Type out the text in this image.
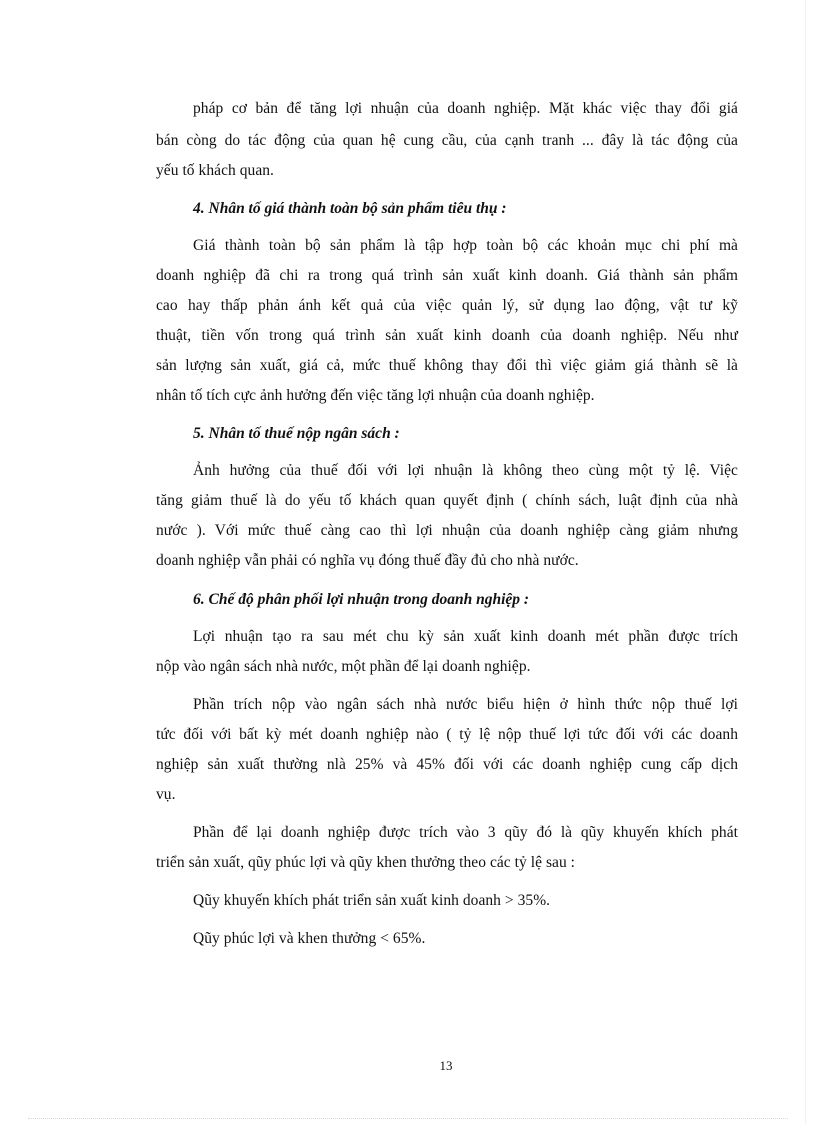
pháp cơ bản để tăng lợi nhuận của doanh nghiệp. Mặt khác việc thay đổi giá
bán còng do tác động của quan hệ cung cầu, của cạnh tranh ... đây là tác động của
yếu tố khách quan.
4. Nhân tố giá thành toàn bộ sản phẩm tiêu thụ :
Giá thành toàn bộ sản phẩm là tập hợp toàn bộ các khoản mục chi phí mà
doanh nghiệp đã chi ra trong quá trình sản xuất kinh doanh. Giá thành sản phẩm
cao hay thấp phản ánh kết quả của việc quản lý, sử dụng lao động, vật tư kỹ
thuật, tiền vốn trong quá trình sản xuất kinh doanh của doanh nghiệp. Nếu như
sản lượng sản xuất, giá cả, mức thuế không thay đổi thì việc giảm giá thành sẽ là
nhân tố tích cực ảnh hưởng đến việc tăng lợi nhuận của doanh nghiệp.
5. Nhân tố thuế nộp ngân sách :
Ảnh hưởng của thuế đối với lợi nhuận là không theo cùng một tỷ lệ. Việc
tăng giảm thuế là do yếu tố khách quan quyết định ( chính sách, luật định của nhà
nước ). Với mức thuế càng cao thì lợi nhuận của doanh nghiệp càng giảm nhưng
doanh nghiệp vẫn phải có nghĩa vụ đóng thuế đầy đủ cho nhà nước.
6. Chế độ phân phối lợi nhuận trong doanh nghiệp :
Lợi nhuận tạo ra sau mét chu kỳ sản xuất kinh doanh mét phần được trích
nộp vào ngân sách nhà nước, một phần để lại doanh nghiệp.
Phần trích nộp vào ngân sách nhà nước biểu hiện ở hình thức nộp thuế lợi
tức đối với bất kỳ mét doanh nghiệp nào ( tỷ lệ nộp thuế lợi tức đối với các doanh
nghiệp sản xuất thường nlà 25% và 45% đối với các doanh nghiệp cung cấp dịch
vụ.
Phần để lại doanh nghiệp được trích vào 3 qũy đó là qũy khuyến khích phát
triển sản xuất, qũy phúc lợi và qũy khen thưởng theo các tỷ lệ sau :
Qũy khuyến khích phát triển sản xuất kinh doanh > 35%.
Qũy phúc lợi và khen thưởng < 65%.
13
